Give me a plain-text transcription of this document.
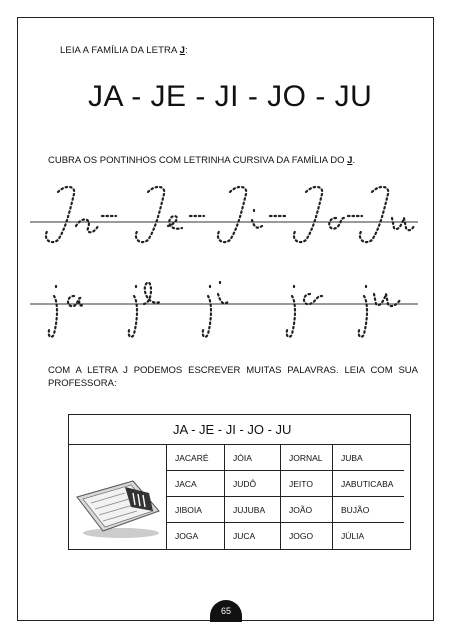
LEIA A FAMÍLIA DA LETRA J:
JA - JE - JI - JO - JU
CUBRA OS PONTINHOS COM LETRINHA CURSIVA DA FAMÍLIA DO J.
COM A LETRA J PODEMOS ESCREVER MUITAS PALAVRAS. LEIA COM SUA PROFESSORA:
JA - JE - JI - JO - JU
JACARÉ	JÓIA	JORNAL	JUBA
JACA	JUDÔ	JEITO	JABUTICABA
JIBOIA	JUJUBA	JOÃO	BUJÃO
JOGA	JUCA	JOGO	JÚLIA
65
